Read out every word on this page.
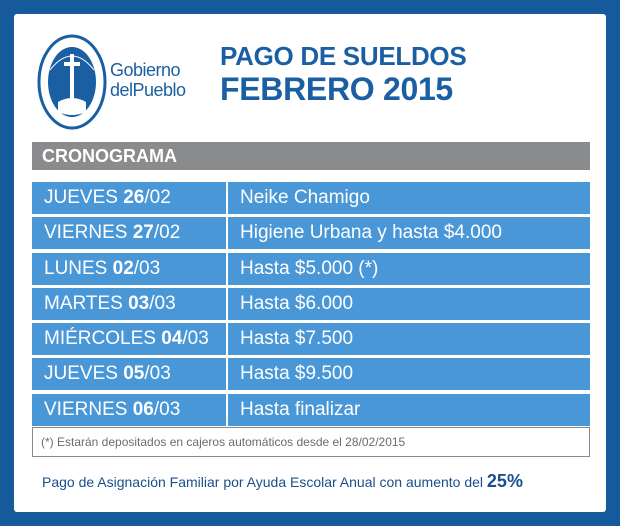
Gobierno
delPueblo
PAGO DE SUELDOS
FEBRERO 2015
CRONOGRAMA
JUEVES 26/02	Neike Chamigo
VIERNES 27/02	Higiene Urbana y hasta $4.000
LUNES 02/03	Hasta $5.000 (*)
MARTES 03/03	Hasta $6.000
MIÉRCOLES 04/03	Hasta $7.500
JUEVES 05/03	Hasta $9.500
VIERNES 06/03	Hasta finalizar
(*) Estarán depositados en cajeros automáticos desde el 28/02/2015
Pago de Asignación Familiar por Ayuda Escolar Anual con aumento del 25%
